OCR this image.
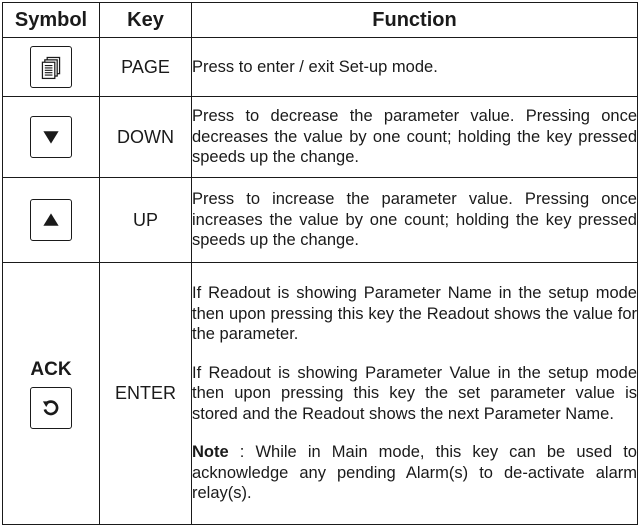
Symbol	Key	Function

	PAGE	Press to enter / exit Set-up mode.

	DOWN	Press to decrease the parameter value. Pressing once decreases the value by one count; holding the key pressed speeds up the change.

	UP	Press to increase the parameter value. Pressing once increases the value by one count; holding the key pressed speeds up the change.

ACK	ENTER	If Readout is showing Parameter Name in the setup mode then upon pressing this key the Readout shows the value for the parameter.

If Readout is showing Parameter Value in the setup mode then upon pressing this key the set parameter value is stored and the Readout shows the next Parameter Name.

Note : While in Main mode, this key can be used to acknowledge any pending Alarm(s) to de-activate alarm relay(s).
